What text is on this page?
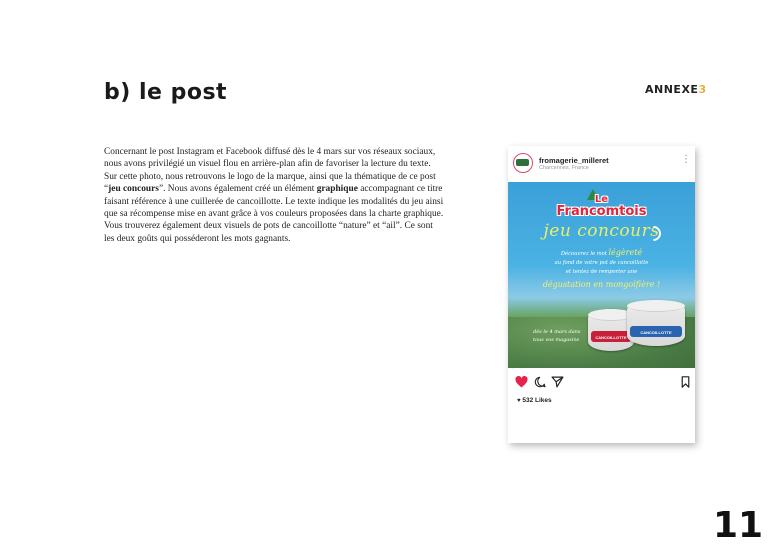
b) le post	ANNEXE3
Concernant le post Instagram et Facebook diffusé dès le 4 mars sur vos réseaux sociaux, nous avons privilégié un visuel flou en arrière-plan afin de favoriser la lecture du texte. Sur cette photo, nous retrouvons le logo de la marque, ainsi que la thématique de ce post “jeu concours”. Nous avons également créé un élément graphique accompagnant ce titre faisant référence à une cuillerée de cancoillotte. Le texte indique les modalités du jeu ainsi que sa récompense mise en avant grâce à vos couleurs proposées dans la charte graphique. Vous trouverez également deux visuels de pots de cancoillotte “nature” et “ail”. Ce sont les deux goûts qui posséderont les mots gagnants.
fromagerie_milleret
Charcennes, France
⋮
Le
Francomtois
jeu concours
Découvrez le mot légèreté
au fond de votre pot de cancoillotte
et tentez de remporter une
dégustation en mongolfière !
dès le 4 mars dans
tous vos magasins	CANCOILLOTTE
CANCOILLOTTE
♥ 532 Likes
11
